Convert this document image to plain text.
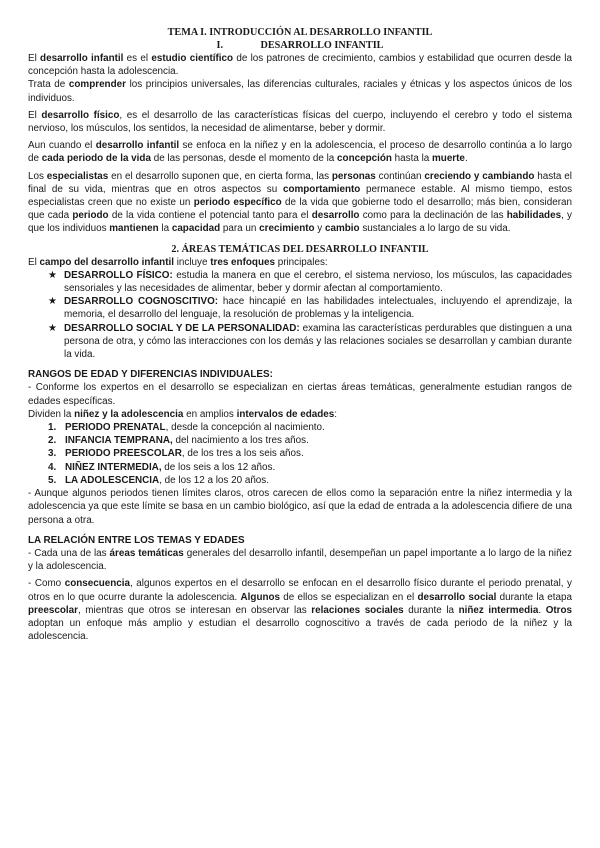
TEMA I. INTRODUCCIÓN AL DESARROLLO INFANTIL
I.	DESARROLLO INFANTIL

El desarrollo infantil es el estudio científico de los patrones de crecimiento, cambios y estabilidad que ocurren desde la concepción hasta la adolescencia.

Trata de comprender los principios universales, las diferencias culturales, raciales y étnicas y los aspectos únicos de los individuos.

El desarrollo físico, es el desarrollo de las características físicas del cuerpo, incluyendo el cerebro y todo el sistema nervioso, los músculos, los sentidos, la necesidad de alimentarse, beber y dormir.

Aun cuando el desarrollo infantil se enfoca en la niñez y en la adolescencia, el proceso de desarrollo continúa a lo largo de cada periodo de la vida de las personas, desde el momento de la concepción hasta la muerte.

Los especialistas en el desarrollo suponen que, en cierta forma, las personas continúan creciendo y cambiando hasta el final de su vida, mientras que en otros aspectos su comportamiento permanece estable. Al mismo tiempo, estos especialistas creen que no existe un periodo específico de la vida que gobierne todo el desarrollo; más bien, consideran que cada periodo de la vida contiene el potencial tanto para el desarrollo como para la declinación de las habilidades, y que los individuos mantienen la capacidad para un crecimiento y cambio sustanciales a lo largo de su vida.

2. ÁREAS TEMÁTICAS DEL DESARROLLO INFANTIL

El campo del desarrollo infantil incluye tres enfoques principales:

★ DESARROLLO FÍSICO: estudia la manera en que el cerebro, el sistema nervioso, los músculos, las capacidades sensoriales y las necesidades de alimentar, beber y dormir afectan al comportamiento.
★ DESARROLLO COGNOSCITIVO: hace hincapié en las habilidades intelectuales, incluyendo el aprendizaje, la memoria, el desarrollo del lenguaje, la resolución de problemas y la inteligencia.
★ DESARROLLO SOCIAL Y DE LA PERSONALIDAD: examina las características perdurables que distinguen a una persona de otra, y cómo las interacciones con los demás y las relaciones sociales se desarrollan y cambian durante la vida.
RANGOS DE EDAD Y DIFERENCIAS INDIVIDUALES:

- Conforme los expertos en el desarrollo se especializan en ciertas áreas temáticas, generalmente estudian rangos de edades específicas.

Dividen la niñez y la adolescencia en amplios intervalos de edades:

1. PERIODO PRENATAL, desde la concepción al nacimiento.
2. INFANCIA TEMPRANA, del nacimiento a los tres años.
3. PERIODO PREESCOLAR, de los tres a los seis años.
4. NIÑEZ INTERMEDIA, de los seis a los 12 años.
5. LA ADOLESCENCIA, de los 12 a los 20 años.

- Aunque algunos periodos tienen límites claros, otros carecen de ellos como la separación entre la niñez intermedia y la adolescencia ya que este límite se basa en un cambio biológico, así que la edad de entrada a la adolescencia difiere de una persona a otra.

LA RELACIÓN ENTRE LOS TEMAS Y EDADES

- Cada una de las áreas temáticas generales del desarrollo infantil, desempeñan un papel importante a lo largo de la niñez y la adolescencia.

- Como consecuencia, algunos expertos en el desarrollo se enfocan en el desarrollo físico durante el periodo prenatal, y otros en lo que ocurre durante la adolescencia. Algunos de ellos se especializan en el desarrollo social durante la etapa preescolar, mientras que otros se interesan en observar las relaciones sociales durante la niñez intermedia. Otros adoptan un enfoque más amplio y estudian el desarrollo cognoscitivo a través de cada periodo de la niñez y la adolescencia.
